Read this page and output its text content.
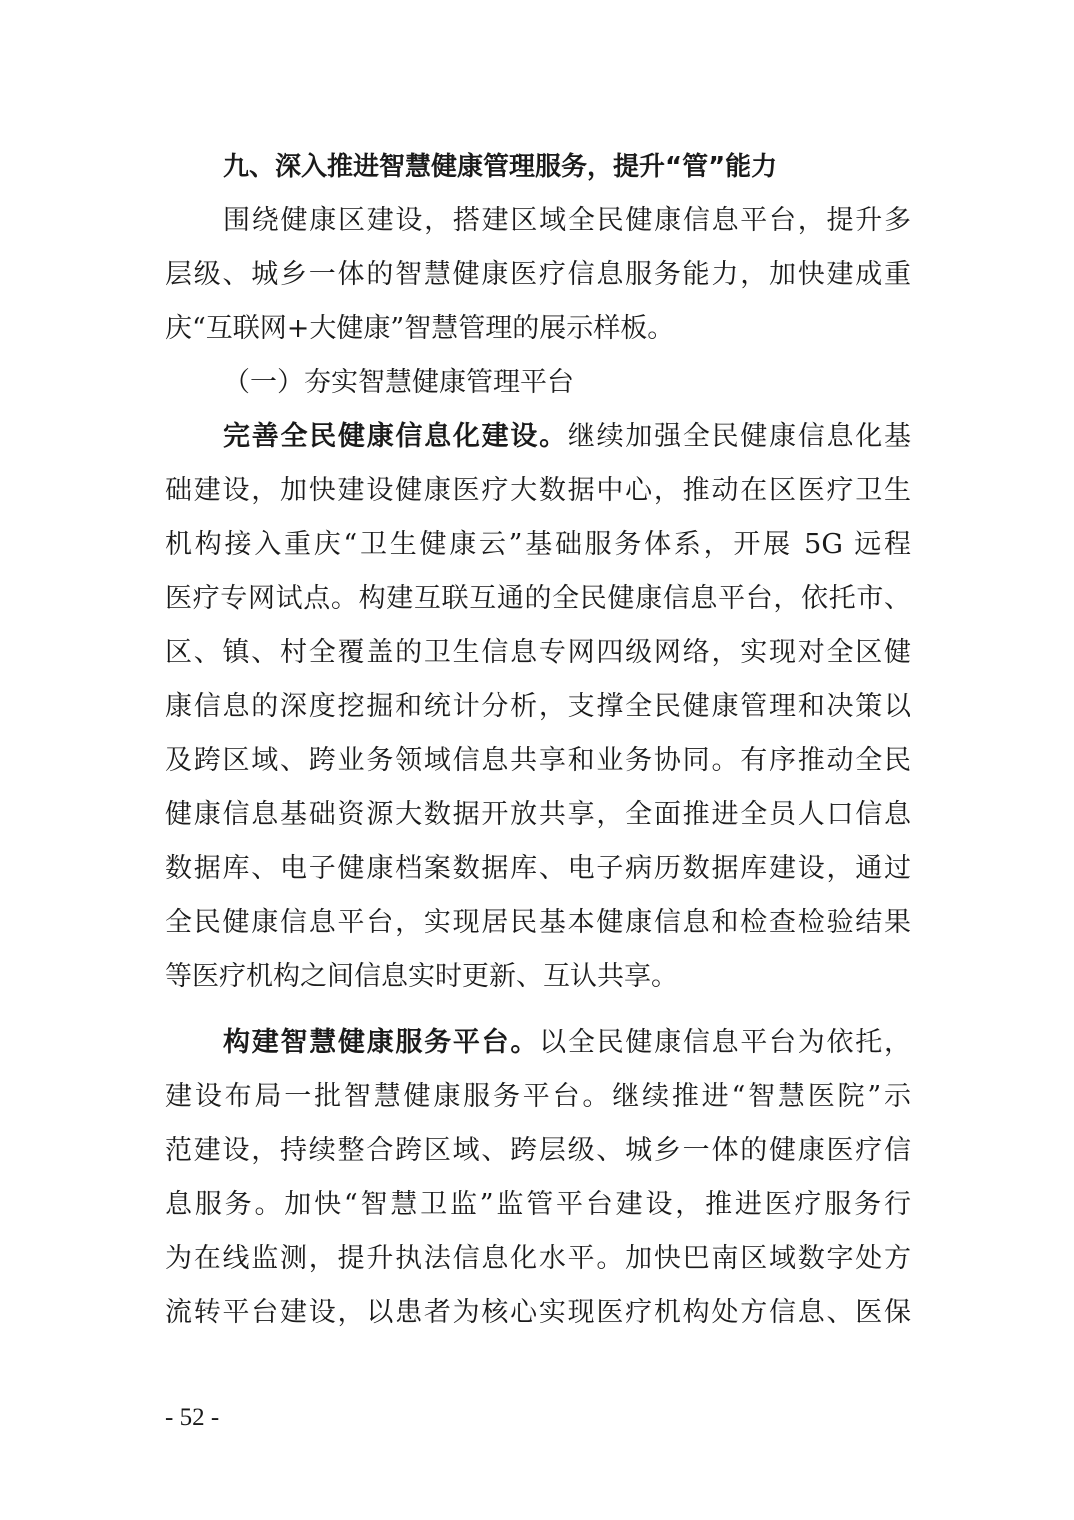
九、深入推进智慧健康管理服务，提升“管”能力
围绕健康区建设，搭建区域全民健康信息平台，提升多
层级、城乡一体的智慧健康医疗信息服务能力，加快建成重
庆“互联网+大健康”智慧管理的展示样板。
（一）夯实智慧健康管理平台
完善全民健康信息化建设。继续加强全民健康信息化基
础建设，加快建设健康医疗大数据中心，推动在区医疗卫生
机构接入重庆“卫生健康云”基础服务体系，开展 5G 远程
医疗专网试点。构建互联互通的全民健康信息平台，依托市、
区、镇、村全覆盖的卫生信息专网四级网络，实现对全区健
康信息的深度挖掘和统计分析，支撑全民健康管理和决策以
及跨区域、跨业务领域信息共享和业务协同。有序推动全民
健康信息基础资源大数据开放共享，全面推进全员人口信息
数据库、电子健康档案数据库、电子病历数据库建设，通过
全民健康信息平台，实现居民基本健康信息和检查检验结果
等医疗机构之间信息实时更新、互认共享。
构建智慧健康服务平台。以全民健康信息平台为依托，
建设布局一批智慧健康服务平台。继续推进“智慧医院”示
范建设，持续整合跨区域、跨层级、城乡一体的健康医疗信
息服务。加快“智慧卫监”监管平台建设，推进医疗服务行
为在线监测，提升执法信息化水平。加快巴南区域数字处方
流转平台建设，以患者为核心实现医疗机构处方信息、医保
- 52 -
